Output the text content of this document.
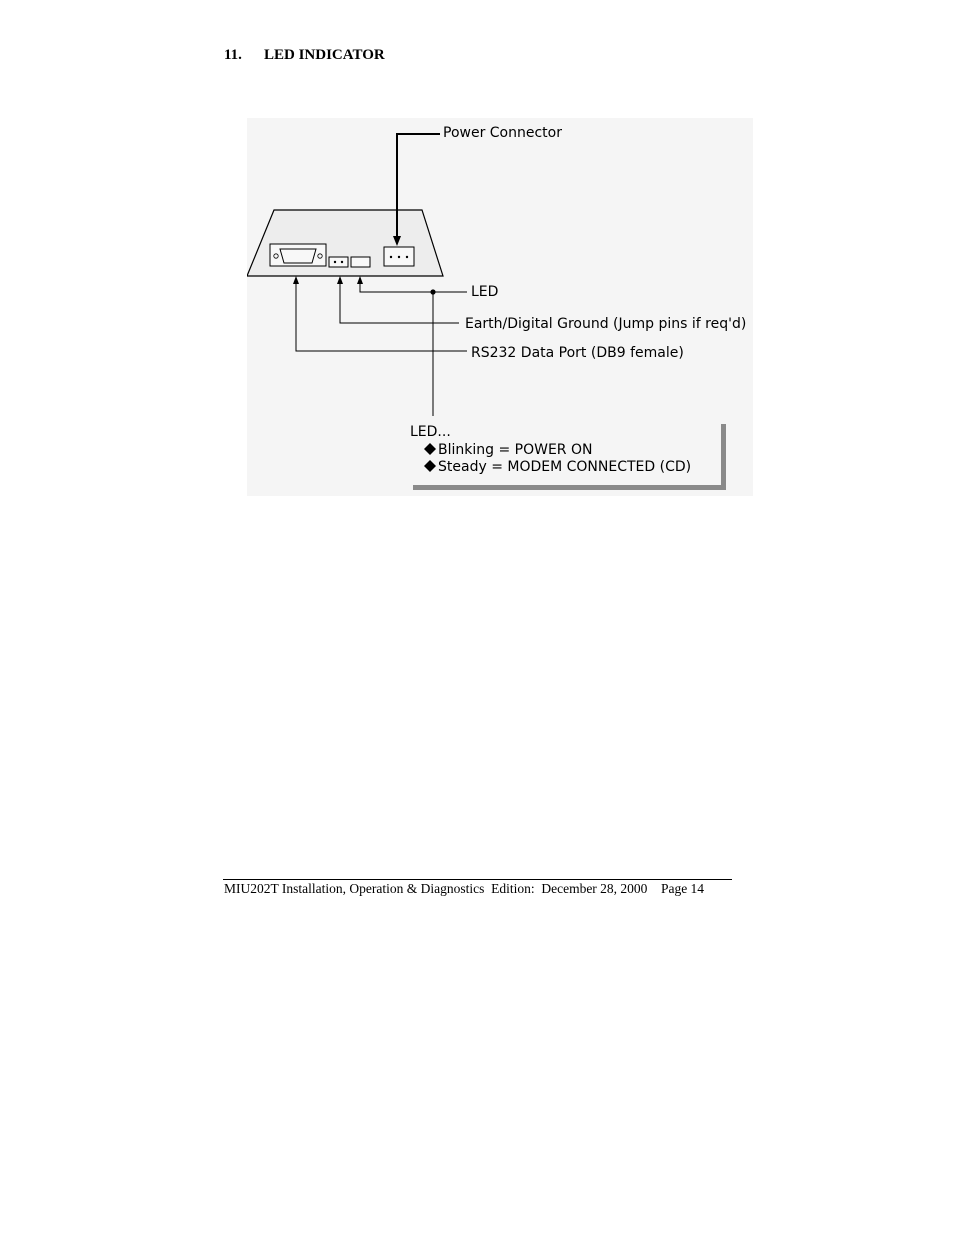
11. LED INDICATOR
Power Connector
LED
Earth/Digital Ground (Jump pins if req'd)
RS232 Data Port (DB9 female)
LED...
Blinking = POWER ON
Steady = MODEM CONNECTED (CD)
MIU202T Installation, Operation & Diagnostics Edition:  December 28, 2000 Page 14
